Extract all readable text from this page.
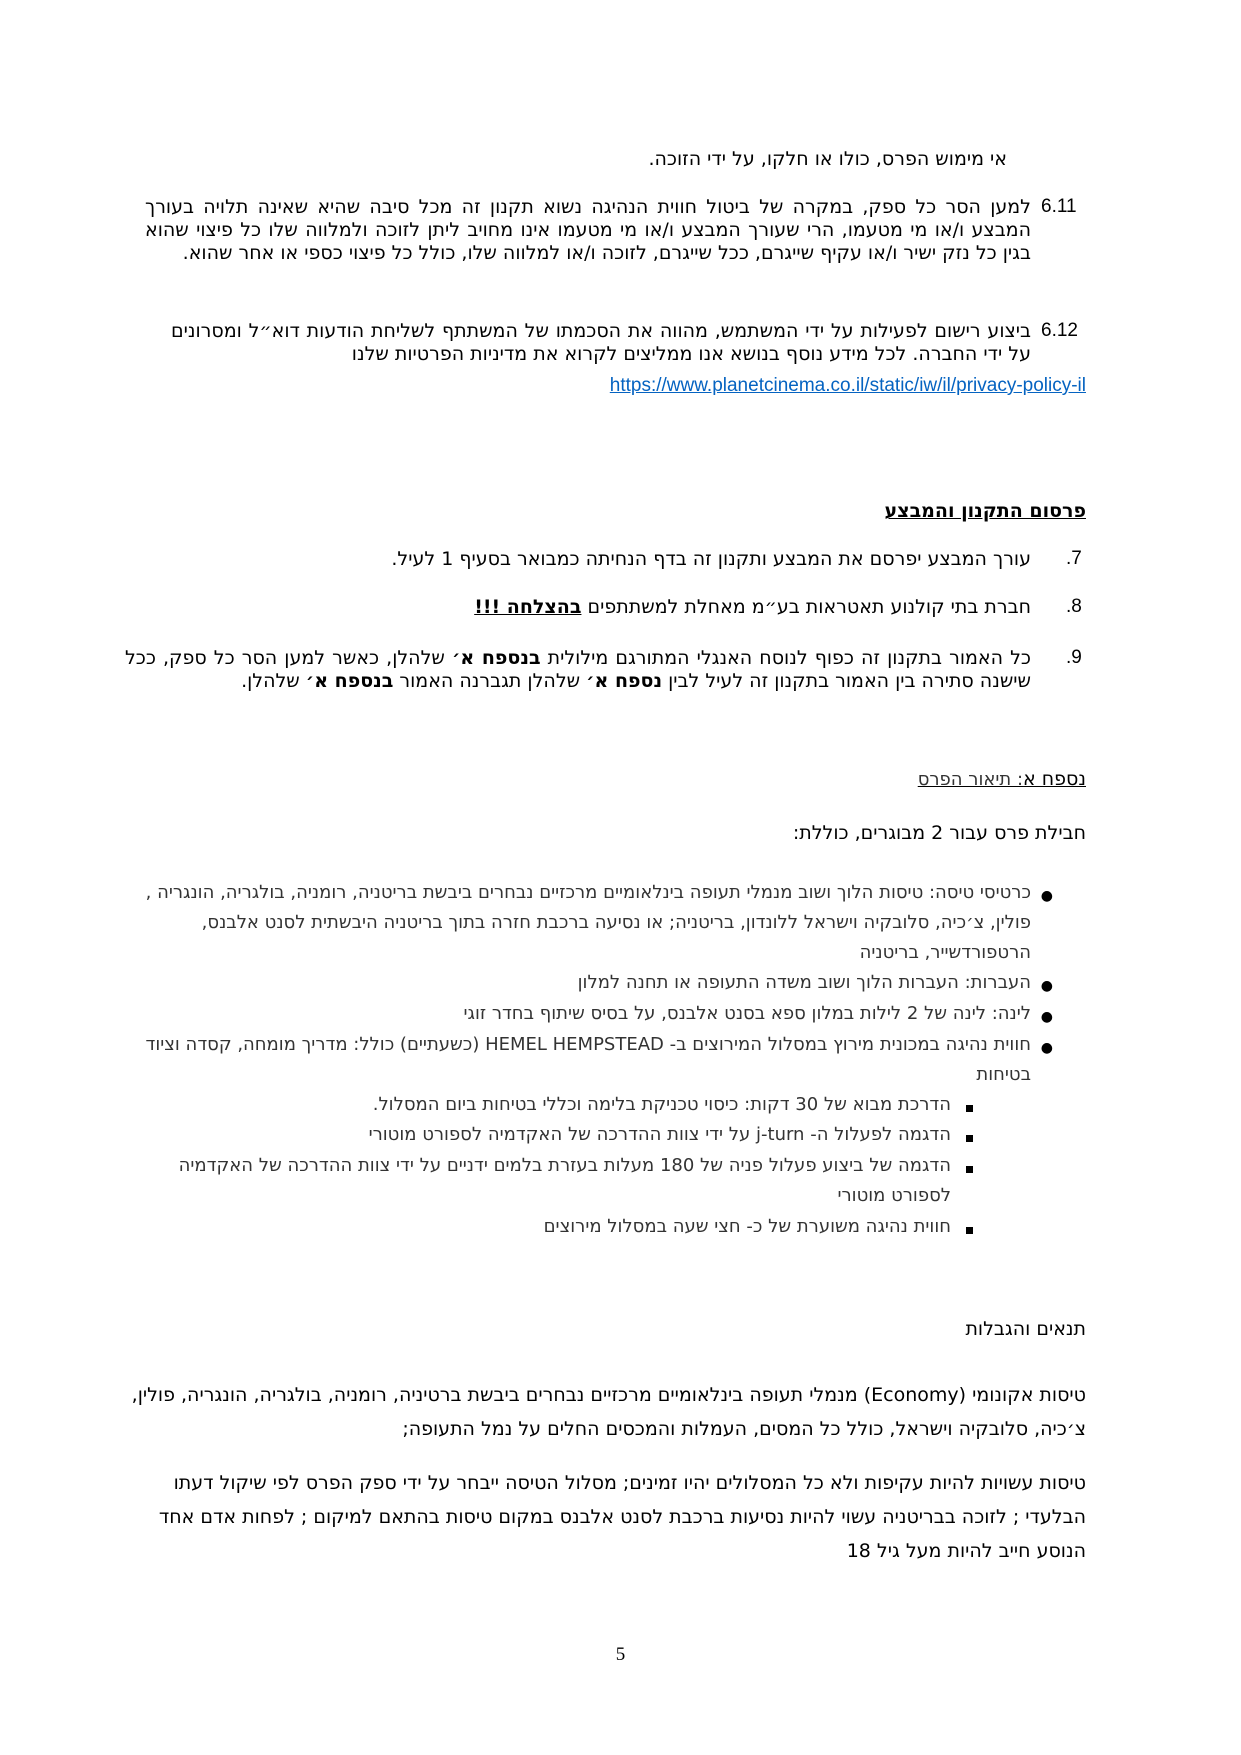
אי מימוש הפרס, כולו או חלקו, על ידי הזוכה.
6.11
למען הסר כל ספק, במקרה של ביטול חווית הנהיגה נשוא תקנון זה מכל סיבה שהיא שאינה תלויה בעורך המבצע ו/או מי מטעמו, הרי שעורך המבצע ו/או מי מטעמו אינו מחויב ליתן לזוכה ולמלווה שלו כל פיצוי שהוא בגין כל נזק ישיר ו/או עקיף שייגרם, ככל שייגרם, לזוכה ו/או למלווה שלו, כולל כל פיצוי כספי או אחר שהוא.
6.12
ביצוע רישום לפעילות על ידי המשתמש, מהווה את הסכמתו של המשתתף לשליחת הודעות דוא״ל ומסרונים על ידי החברה. לכל מידע נוסף בנושא אנו ממליצים לקרוא את מדיניות הפרטיות שלנו
https://www.planetcinema.co.il/static/iw/il/privacy-policy-il
פרסום התקנון והמבצע
.7
עורך המבצע יפרסם את המבצע ותקנון זה בדף הנחיתה כמבואר בסעיף 1 לעיל.
.8
חברת בתי קולנוע תאטראות בע״מ מאחלת למשתתפים בהצלחה !!!
.9
כל האמור בתקנון זה כפוף לנוסח האנגלי המתורגם מילולית בנספח א׳ שלהלן, כאשר למען הסר כל ספק, ככל שישנה סתירה בין האמור בתקנון זה לעיל לבין נספח א׳ שלהלן תגברנה האמור בנספח א׳ שלהלן.
נספח א: תיאור הפרס
חבילת פרס עבור 2 מבוגרים, כוללת:
●
כרטיסי טיסה: טיסות הלוך ושוב מנמלי תעופה בינלאומיים מרכזיים נבחרים ביבשת בריטניה, רומניה, בולגריה, הונגריה , פולין, צ׳כיה, סלובקיה וישראל ללונדון, בריטניה; או נסיעה ברכבת חזרה בתוך בריטניה היבשתית לסנט אלבנס, הרטפורדשייר, בריטניה
●
העברות: העברות הלוך ושוב משדה התעופה או תחנה למלון
●
לינה: לינה של 2 לילות במלון ספא בסנט אלבנס, על בסיס שיתוף בחדר זוגי
●
חווית נהיגה במכונית מירוץ במסלול המירוצים ב- HEMEL HEMPSTEAD (כשעתיים) כולל: מדריך מומחה, קסדה וציוד בטיחות
הדרכת מבוא של 30 דקות: כיסוי טכניקת בלימה וכללי בטיחות ביום המסלול.
הדגמה לפעלול ה- j-turn על ידי צוות ההדרכה של האקדמיה לספורט מוטורי
הדגמה של ביצוע פעלול פניה של 180 מעלות בעזרת בלמים ידניים על ידי צוות ההדרכה של האקדמיה לספורט מוטורי
חווית נהיגה משוערת של כ- חצי שעה במסלול מירוצים
תנאים והגבלות
טיסות אקונומי (Economy) מנמלי תעופה בינלאומיים מרכזיים נבחרים ביבשת ברטיניה, רומניה, בולגריה, הונגריה, פולין, צ׳כיה, סלובקיה וישראל, כולל כל המסים, העמלות והמכסים החלים על נמל התעופה;
טיסות עשויות להיות עקיפות ולא כל המסלולים יהיו זמינים; מסלול הטיסה ייבחר על ידי ספק הפרס לפי שיקול דעתו הבלעדי ; לזוכה בבריטניה עשוי להיות נסיעות ברכבת לסנט אלבנס במקום טיסות בהתאם למיקום ; לפחות אדם אחד הנוסע חייב להיות מעל גיל 18
5
